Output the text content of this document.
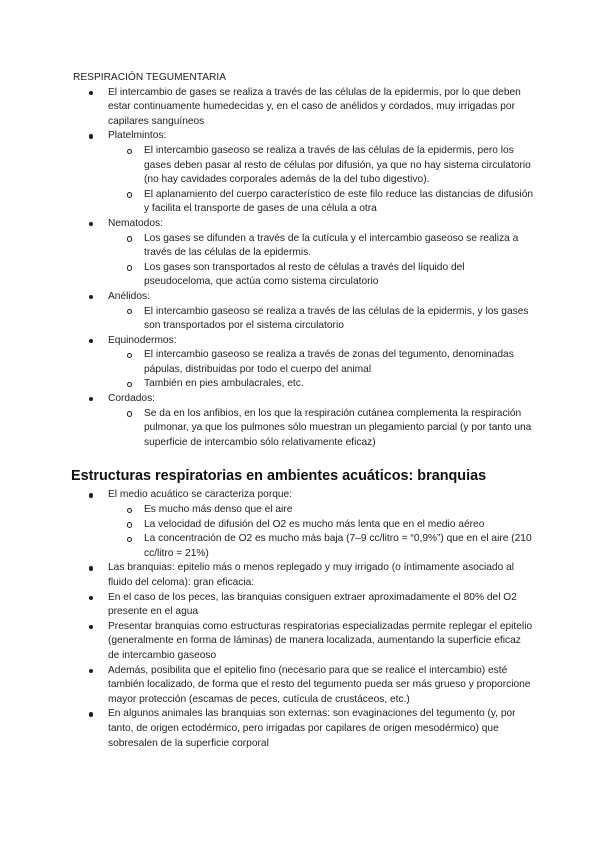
RESPIRACIÓN TEGUMENTARIA

El intercambio de gases se realiza a través de las células de la epidermis, por lo que deben estar continuamente humedecidas y, en el caso de anélidos y cordados, muy irrigadas por capilares sanguíneos
Platelmintos:
El intercambio gaseoso se realiza a través de las células de la epidermis, pero los gases deben pasar al resto de células por difusión, ya que no hay sistema circulatorio (no hay cavidades corporales además de la del tubo digestivo).
El aplanamiento del cuerpo característico de este filo reduce las distancias de difusión y facilita el transporte de gases de una célula a otra
Nematodos:
Los gases se difunden a través de la cutícula y el intercambio gaseoso se realiza a través de las células de la epidermis.
Los gases son transportados al resto de células a través del líquido del pseudoceloma, que actúa como sistema circulatorio
Anélidos:
El intercambio gaseoso se realiza a través de las células de la epidermis, y los gases son transportados por el sistema circulatorio
Equinodermos:
El intercambio gaseoso se realiza a través de zonas del tegumento, denominadas pápulas, distribuidas por todo el cuerpo del animal
También en pies ambulacrales, etc.
Cordados:
Se da en los anfibios, en los que la respiración cutánea complementa la respiración pulmonar, ya que los pulmones sólo muestran un plegamiento parcial (y por tanto una superficie de intercambio sólo relativamente eficaz)
Estructuras respiratorias en ambientes acuáticos: branquias
El medio acuático se caracteriza porque:
Es mucho más denso que el aire
La velocidad de difusión del O2 es mucho más lenta que en el medio aéreo
La concentración de O2 es mucho más baja (7–9 cc/litro = “0,9%”) que en el aire (210 cc/litro = 21%)
Las branquias: epitelio más o menos replegado y muy irrigado (o íntimamente asociado al fluido del celoma): gran eficacia:
En el caso de los peces, las branquias consiguen extraer aproximadamente el 80% del O2 presente en el agua
Presentar branquias como estructuras respiratorias especializadas permite replegar el epitelio (generalmente en forma de láminas) de manera localizada, aumentando la superficie eficaz de intercambio gaseoso
Además, posibilita que el epitelio fino (necesario para que se realice el intercambio) esté también localizado, de forma que el resto del tegumento pueda ser más grueso y proporcione mayor protección (escamas de peces, cutícula de crustáceos, etc.)
En algunos animales las branquias son externas: son evaginaciones del tegumento (y, por tanto, de origen ectodérmico, pero irrigadas por capilares de origen mesodérmico) que sobresalen de la superficie corporal
